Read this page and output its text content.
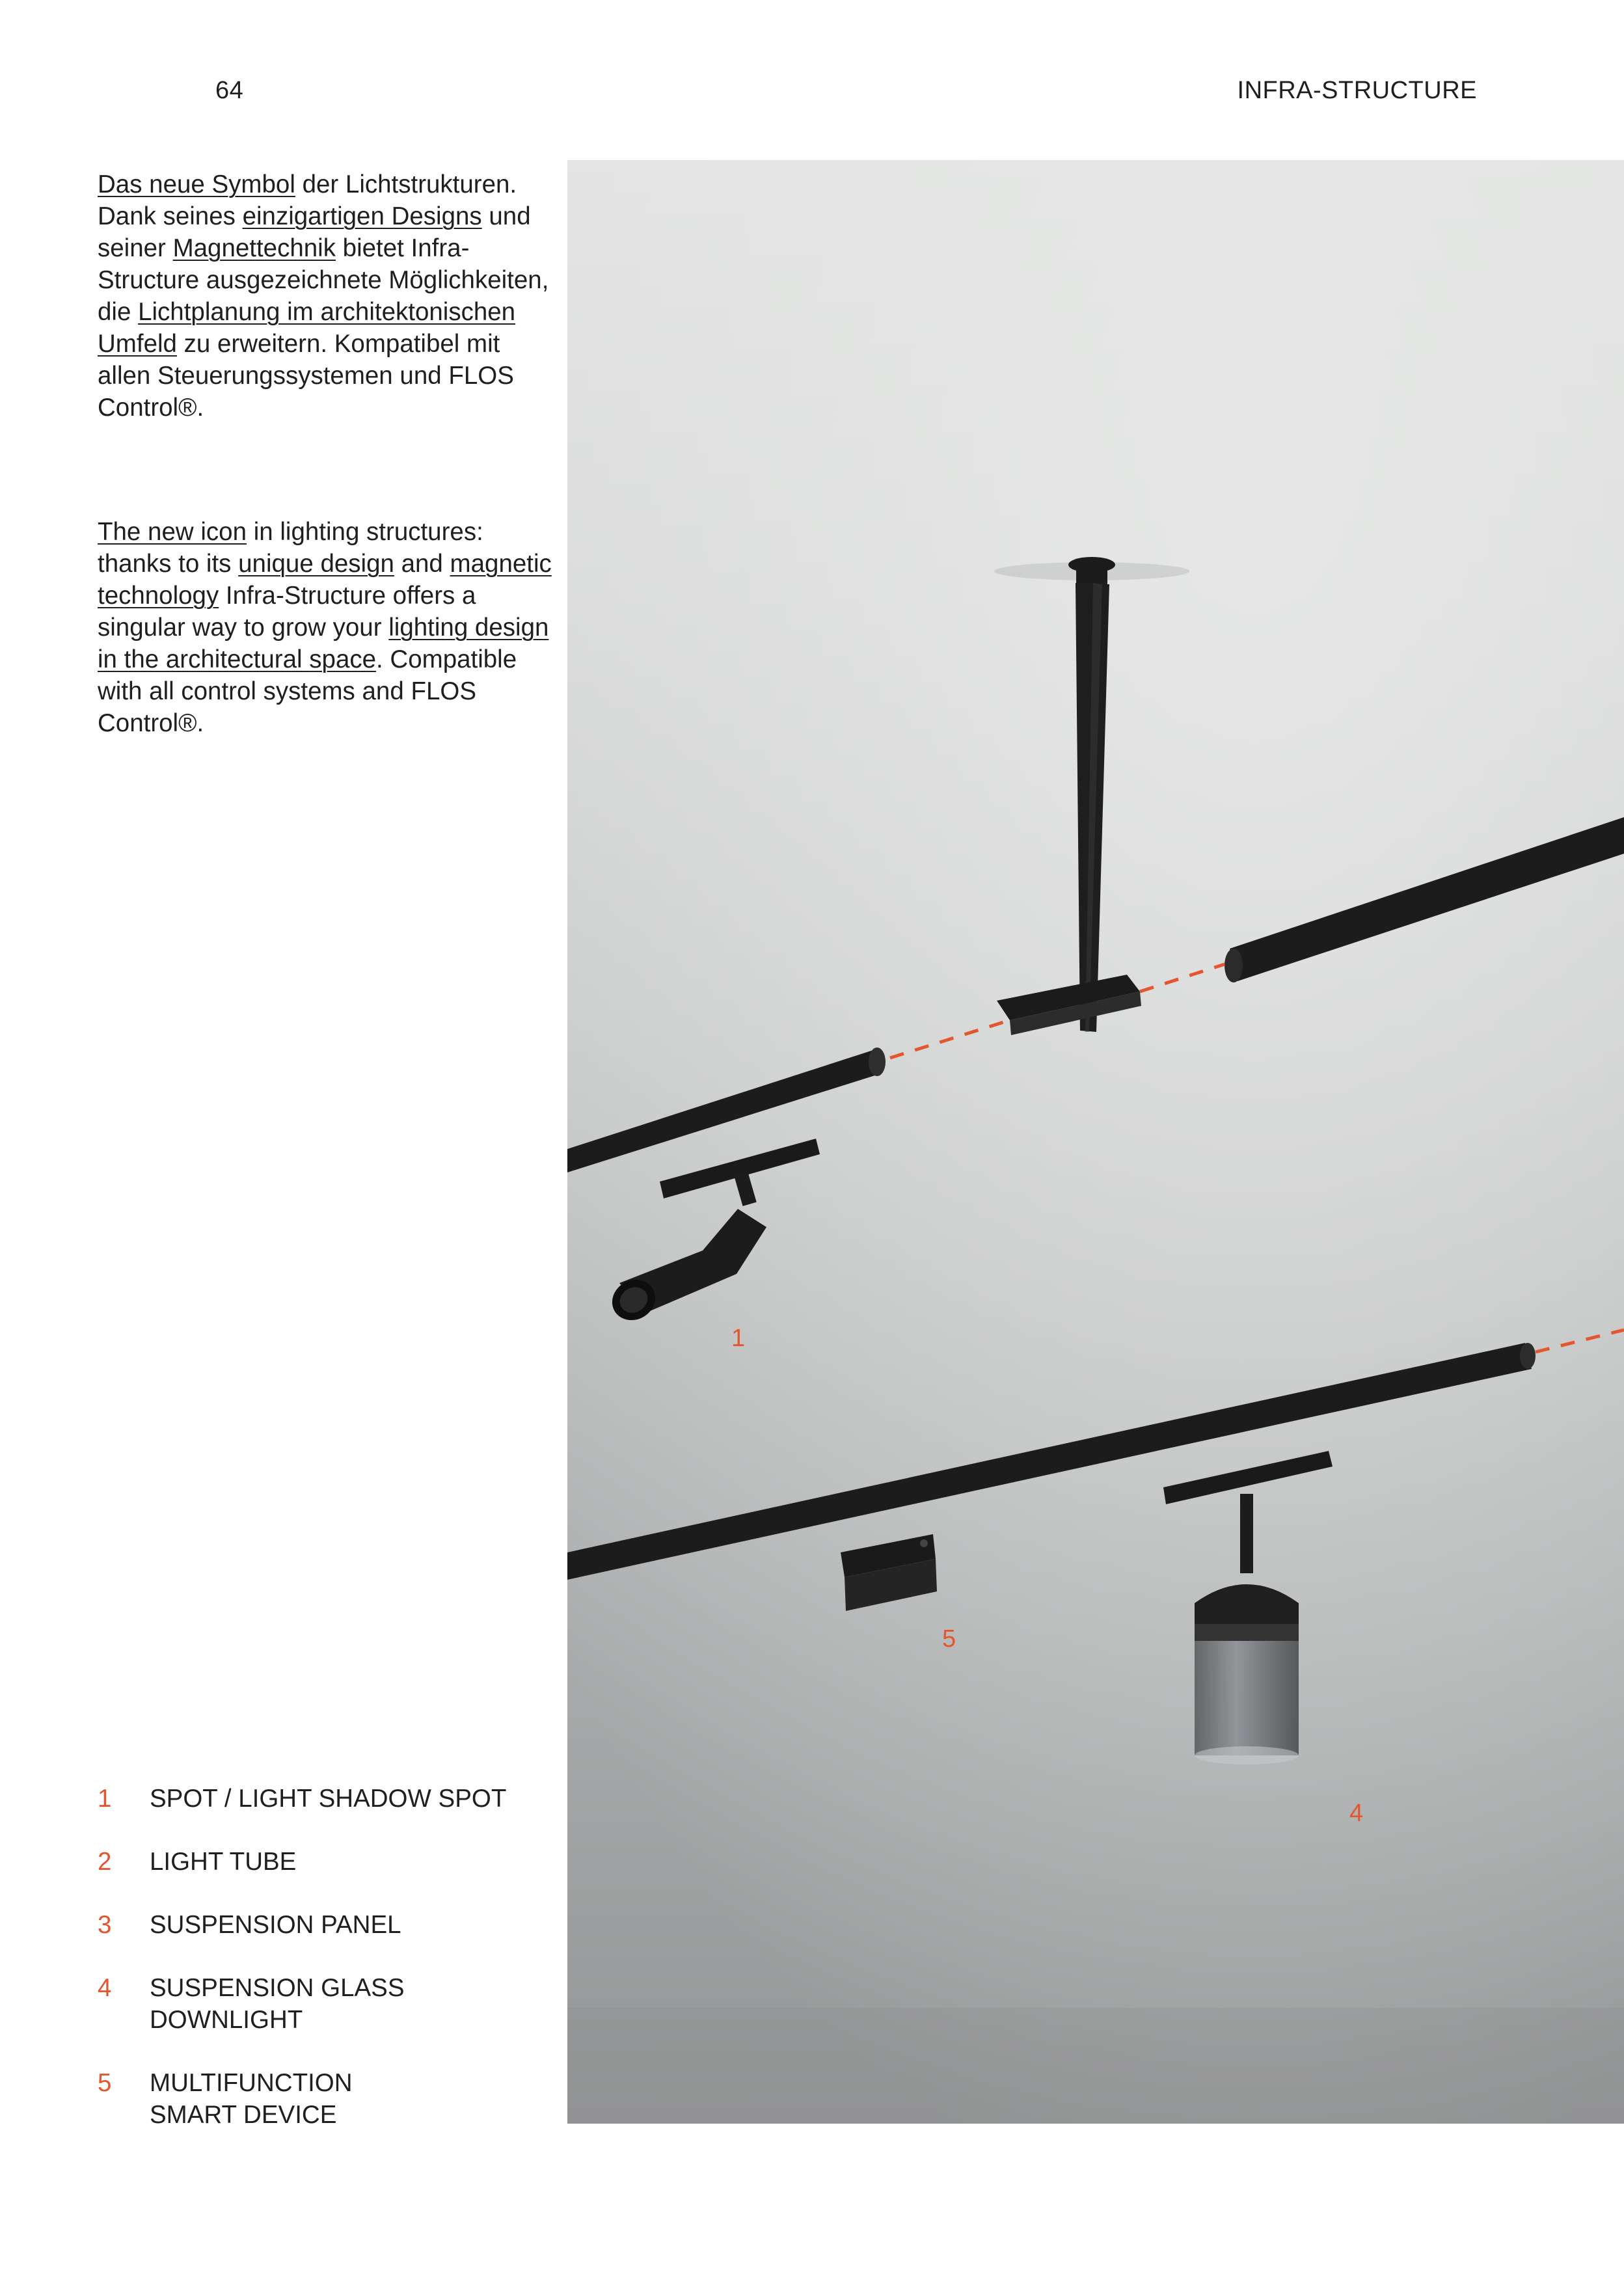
64	INFRA-STRUCTURE

Das neue Symbol der Lichtstrukturen. Dank seines einzigartigen Designs und seiner Magnettechnik bietet Infra-Structure ausgezeichnete Möglichkeiten, die Lichtplanung im architektonischen Umfeld zu erweitern. Kompatibel mit allen Steuerungssystemen und FLOS Control®.

The new icon in lighting structures: thanks to its unique design and magnetic technology Infra-Structure offers a singular way to grow your lighting design in the architectural space. Compatible with all control systems and FLOS Control®.

1	SPOT / LIGHT SHADOW SPOT
2	LIGHT TUBE
3	SUSPENSION PANEL
4	SUSPENSION GLASS
DOWNLIGHT
5	MULTIFUNCTION
SMART DEVICE
1
5
4
